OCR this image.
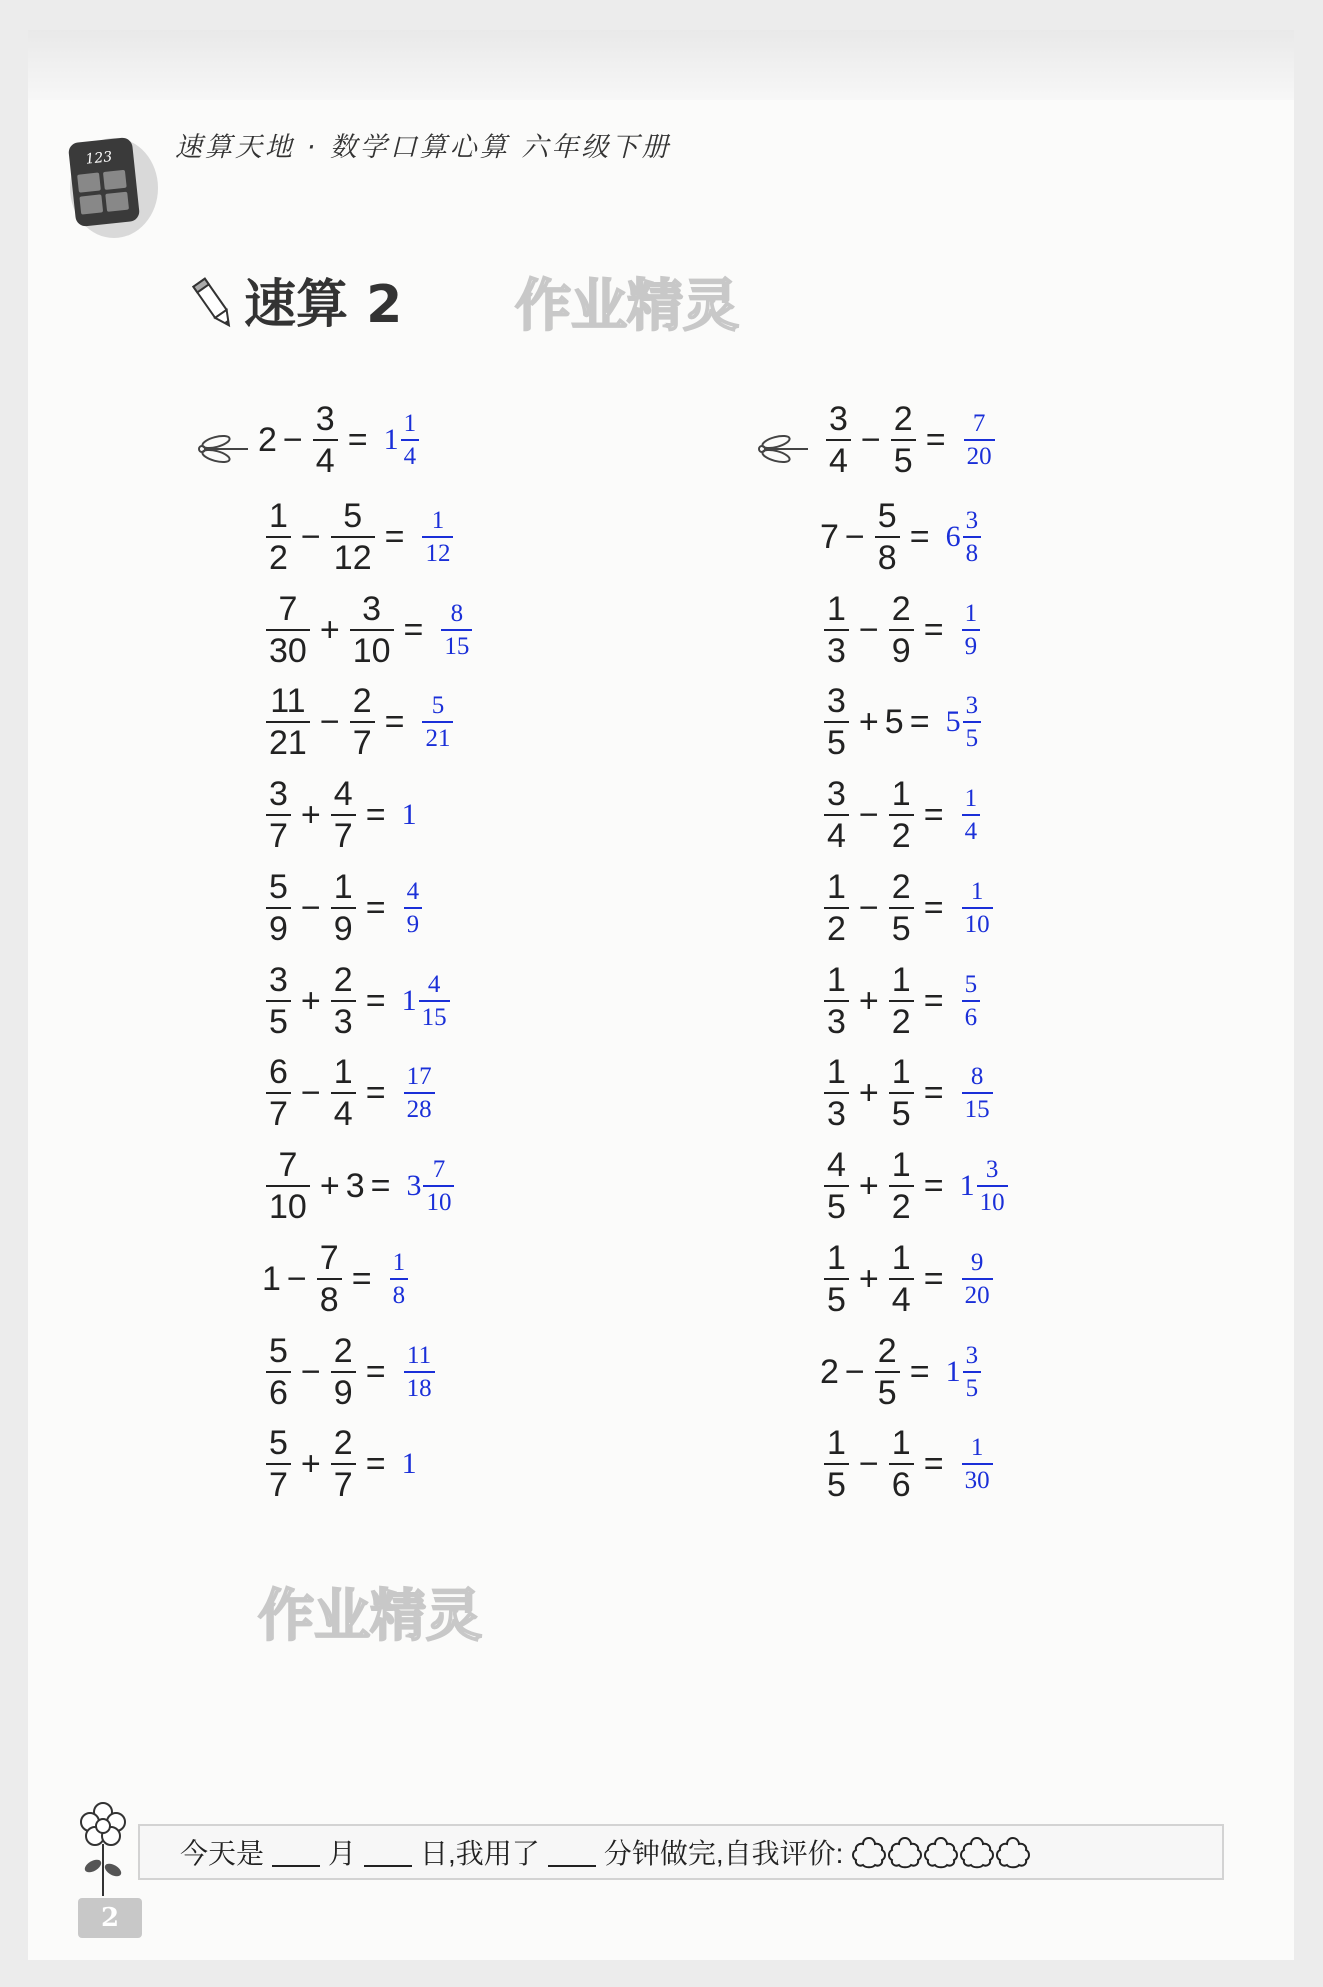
123 速算天地 · 数学口算心算 六年级下册
速算 2 作业精灵
作业精灵
今天是 月 日,我用了 分钟做完,自我评价:
2
$2 - \frac{3}{4} = 1 \frac{1}{4}$
$\frac{1}{2} - \frac{5}{12} = \frac{1}{12}$
$\frac{7}{30} + \frac{3}{10} = \frac{8}{15}$
$\frac{11}{21} - \frac{2}{7} = \frac{5}{21}$
$\frac{3}{7} + \frac{4}{7} = 1$
$\frac{5}{9} - \frac{1}{9} = \frac{4}{9}$
$\frac{3}{5} + \frac{2}{3} = 1 \frac{4}{15}$
$\frac{6}{7} - \frac{1}{4} = \frac{17}{28}$
$\frac{7}{10} + 3 = 3 \frac{7}{10}$
$1 - \frac{7}{8} = \frac{1}{8}$
$\frac{5}{6} - \frac{2}{9} = \frac{11}{18}$
$\frac{5}{7} + \frac{2}{7} = 1$
$\frac{3}{4} - \frac{2}{5} = \frac{7}{20}$
$7 - \frac{5}{8} = 6 \frac{3}{8}$
$\frac{1}{3} - \frac{2}{9} = \frac{1}{9}$
$\frac{3}{5} + 5 = 5 \frac{3}{5}$
$\frac{3}{4} - \frac{1}{2} = \frac{1}{4}$
$\frac{1}{2} - \frac{2}{5} = \frac{1}{10}$
$\frac{1}{3} + \frac{1}{2} = \frac{5}{6}$
$\frac{1}{3} + \frac{1}{5} = \frac{8}{15}$
$\frac{4}{5} + \frac{1}{2} = 1 \frac{3}{10}$
$\frac{1}{5} + \frac{1}{4} = \frac{9}{20}$
$2 - \frac{2}{5} = 1 \frac{3}{5}$
$\frac{1}{5} - \frac{1}{6} = \frac{1}{30}$
